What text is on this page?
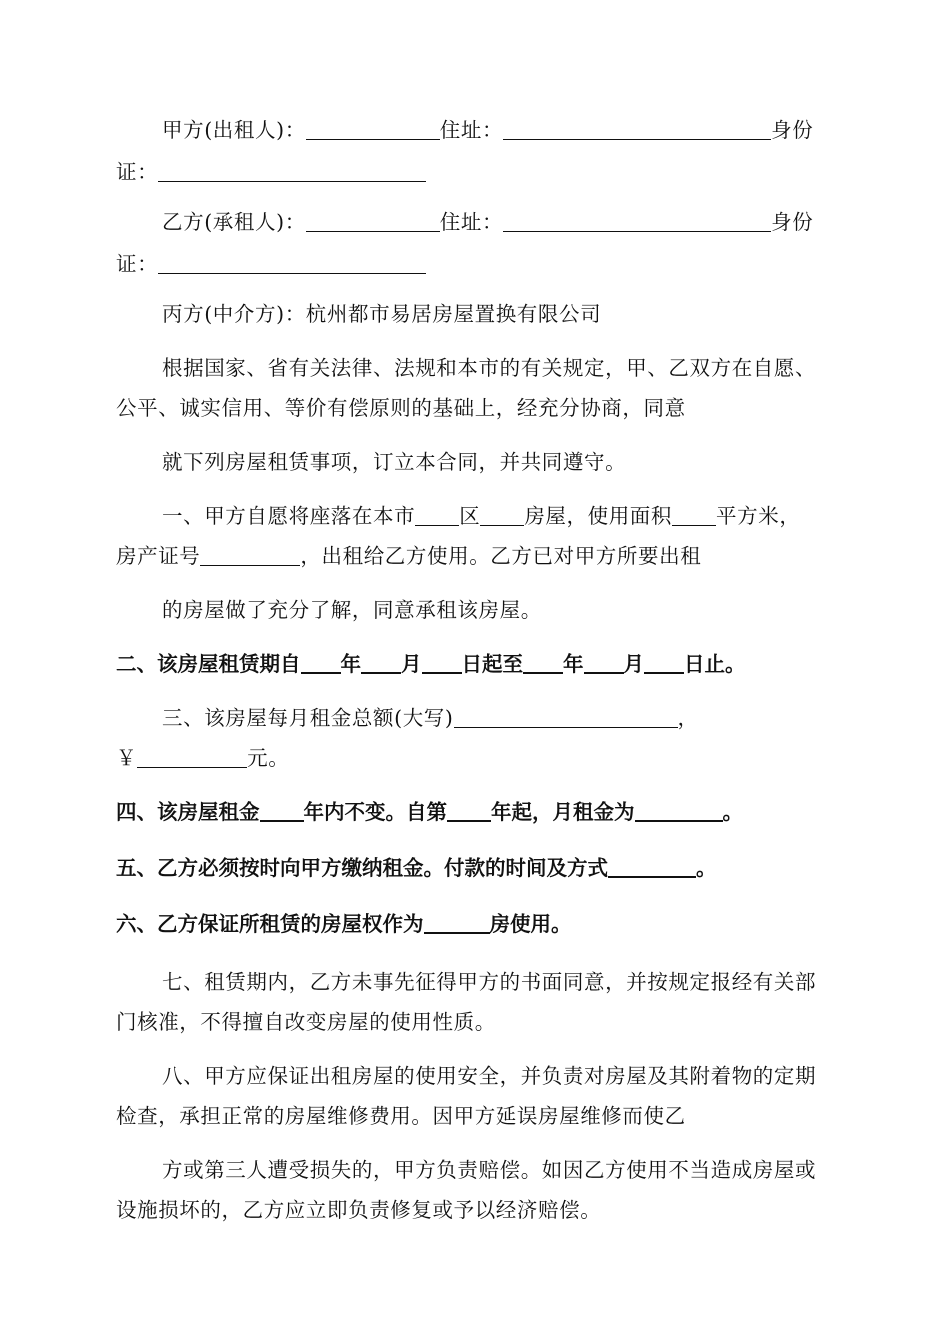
甲方(出租人)：	住址：	身份

证：

乙方(承租人)：	住址：	身份

证：

丙方(中介方)：杭州都市易居房屋置换有限公司

根据国家、省有关法律、法规和本市的有关规定，甲、乙双方在自愿、公平、诚实信用、等价有偿原则的基础上，经充分协商，同意

就下列房屋租赁事项，订立本合同，并共同遵守。

一、甲方自愿将座落在本市 区 房屋，使用面积 平方米，

房产证号	，出租给乙方使用。乙方已对甲方所要出租

的房屋做了充分了解，同意承租该房屋。

二、该房屋租赁期自 年 月 日起至 年 月 日止。

三、该房屋每月租金总额(大写)	，

￥	元。

四、该房屋租金 年内不变。自第 年起，月租金为	。

五、乙方必须按时向甲方缴纳租金。付款的时间及方式	。

六、乙方保证所租赁的房屋权作为	房使用。

七、租赁期内，乙方未事先征得甲方的书面同意，并按规定报经有关部门核准，不得擅自改变房屋的使用性质。

八、甲方应保证出租房屋的使用安全，并负责对房屋及其附着物的定期检查，承担正常的房屋维修费用。因甲方延误房屋维修而使乙

方或第三人遭受损失的，甲方负责赔偿。如因乙方使用不当造成房屋或设施损坏的，乙方应立即负责修复或予以经济赔偿。
